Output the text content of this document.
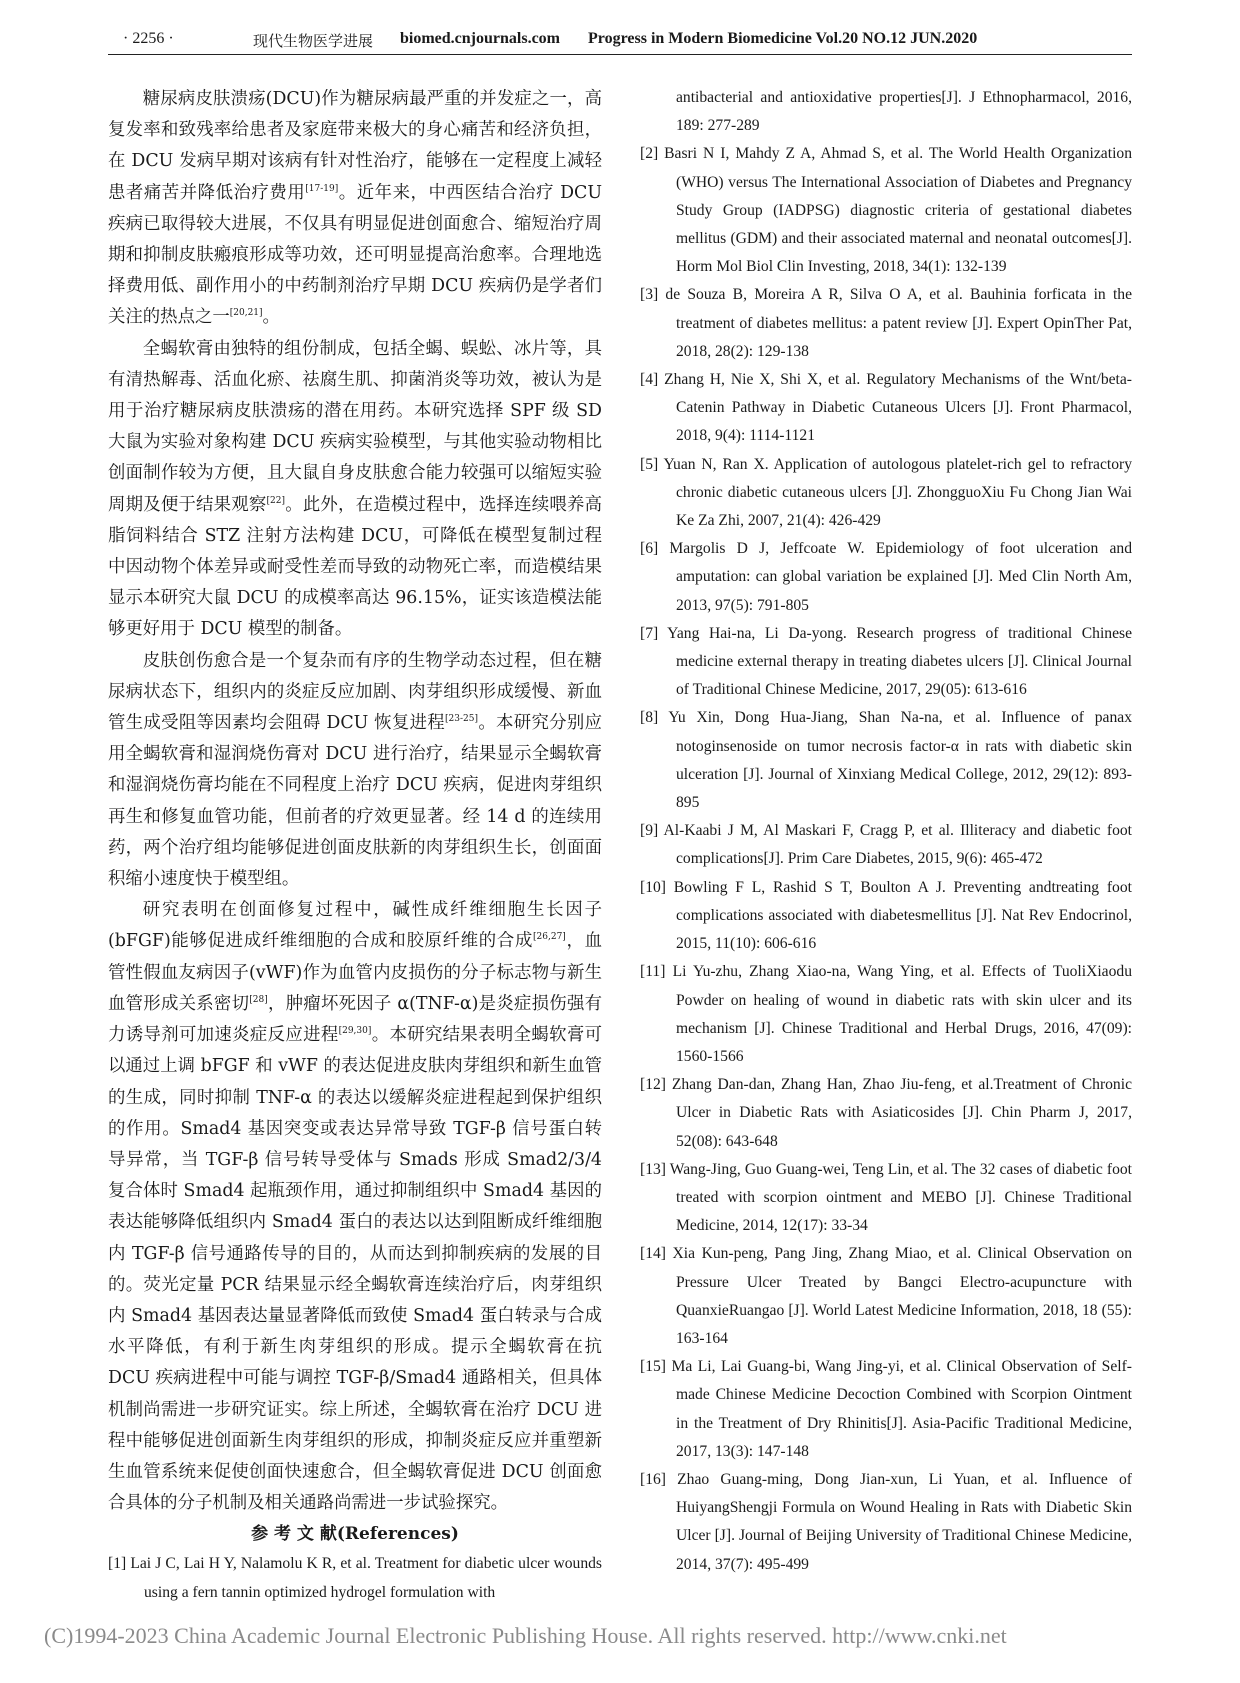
· 2256 ·	现代生物医学进展 biomed.cnjournals.com Progress in Modern Biomedicine Vol.20 NO.12 JUN.2020

糖尿病皮肤溃疡(DCU)作为糖尿病最严重的并发症之一，高复发率和致残率给患者及家庭带来极大的身心痛苦和经济负担，在 DCU 发病早期对该病有针对性治疗，能够在一定程度上减轻患者痛苦并降低治疗费用[17-19]。近年来，中西医结合治疗 DCU 疾病已取得较大进展，不仅具有明显促进创面愈合、缩短治疗周期和抑制皮肤瘢痕形成等功效，还可明显提高治愈率。合理地选择费用低、副作用小的中药制剂治疗早期 DCU 疾病仍是学者们关注的热点之一[20,21]。

全蝎软膏由独特的组份制成，包括全蝎、蜈蚣、冰片等，具有清热解毒、活血化瘀、祛腐生肌、抑菌消炎等功效，被认为是用于治疗糖尿病皮肤溃疡的潜在用药。本研究选择 SPF 级 SD 大鼠为实验对象构建 DCU 疾病实验模型，与其他实验动物相比创面制作较为方便，且大鼠自身皮肤愈合能力较强可以缩短实验周期及便于结果观察[22]。此外，在造模过程中，选择连续喂养高脂饲料结合 STZ 注射方法构建 DCU，可降低在模型复制过程中因动物个体差异或耐受性差而导致的动物死亡率，而造模结果显示本研究大鼠 DCU 的成模率高达 96.15%，证实该造模法能够更好用于 DCU 模型的制备。

皮肤创伤愈合是一个复杂而有序的生物学动态过程，但在糖尿病状态下，组织内的炎症反应加剧、肉芽组织形成缓慢、新血管生成受阻等因素均会阻碍 DCU 恢复进程[23-25]。本研究分别应用全蝎软膏和湿润烧伤膏对 DCU 进行治疗，结果显示全蝎软膏和湿润烧伤膏均能在不同程度上治疗 DCU 疾病，促进肉芽组织再生和修复血管功能，但前者的疗效更显著。经 14 d 的连续用药，两个治疗组均能够促进创面皮肤新的肉芽组织生长，创面面积缩小速度快于模型组。

研究表明在创面修复过程中，碱性成纤维细胞生长因子(bFGF)能够促进成纤维细胞的合成和胶原纤维的合成[26,27]，血管性假血友病因子(vWF)作为血管内皮损伤的分子标志物与新生血管形成关系密切[28]，肿瘤坏死因子 α(TNF-α)是炎症损伤强有力诱导剂可加速炎症反应进程[29,30]。本研究结果表明全蝎软膏可以通过上调 bFGF 和 vWF 的表达促进皮肤肉芽组织和新生血管的生成，同时抑制 TNF-α 的表达以缓解炎症进程起到保护组织的作用。Smad4 基因突变或表达异常导致 TGF-β 信号蛋白转导异常，当 TGF-β 信号转导受体与 Smads 形成 Smad2/3/4 复合体时 Smad4 起瓶颈作用，通过抑制组织中 Smad4 基因的表达能够降低组织内 Smad4 蛋白的表达以达到阻断成纤维细胞内 TGF-β 信号通路传导的目的，从而达到抑制疾病的发展的目的。荧光定量 PCR 结果显示经全蝎软膏连续治疗后，肉芽组织内 Smad4 基因表达量显著降低而致使 Smad4 蛋白转录与合成水平降低，有利于新生肉芽组织的形成。提示全蝎软膏在抗 DCU 疾病进程中可能与调控 TGF-β/Smad4 通路相关，但具体机制尚需进一步研究证实。综上所述，全蝎软膏在治疗 DCU 进程中能够促进创面新生肉芽组织的形成，抑制炎症反应并重塑新生血管系统来促使创面快速愈合，但全蝎软膏促进 DCU 创面愈合具体的分子机制及相关通路尚需进一步试验探究。

参 考 文 献(References)

[1] Lai J C, Lai H Y, Nalamolu K R, et al. Treatment for diabetic ulcer wounds using a fern tannin optimized hydrogel formulation with

antibacterial and antioxidative properties[J]. J Ethnopharmacol, 2016, 189: 277-289

[2] Basri N I, Mahdy Z A, Ahmad S, et al. The World Health Organization (WHO) versus The International Association of Diabetes and Pregnancy Study Group (IADPSG) diagnostic criteria of gestational diabetes mellitus (GDM) and their associated maternal and neonatal outcomes[J]. Horm Mol Biol Clin Investing, 2018, 34(1): 132-139

[3] de Souza B, Moreira A R, Silva O A, et al. Bauhinia forficata in the treatment of diabetes mellitus: a patent review [J]. Expert OpinTher Pat, 2018, 28(2): 129-138

[4] Zhang H, Nie X, Shi X, et al. Regulatory Mechanisms of the Wnt/beta-Catenin Pathway in Diabetic Cutaneous Ulcers [J]. Front Pharmacol, 2018, 9(4): 1114-1121

[5] Yuan N, Ran X. Application of autologous platelet-rich gel to refractory chronic diabetic cutaneous ulcers [J]. ZhongguoXiu Fu Chong Jian Wai Ke Za Zhi, 2007, 21(4): 426-429

[6] Margolis D J, Jeffcoate W. Epidemiology of foot ulceration and amputation: can global variation be explained [J]. Med Clin North Am, 2013, 97(5): 791-805

[7] Yang Hai-na, Li Da-yong. Research progress of traditional Chinese medicine external therapy in treating diabetes ulcers [J]. Clinical Journal of Traditional Chinese Medicine, 2017, 29(05): 613-616

[8] Yu Xin, Dong Hua-Jiang, Shan Na-na, et al. Influence of panax notoginsenoside on tumor necrosis factor-α in rats with diabetic skin ulceration [J]. Journal of Xinxiang Medical College, 2012, 29(12): 893-895

[9] Al-Kaabi J M, Al Maskari F, Cragg P, et al. Illiteracy and diabetic foot complications[J]. Prim Care Diabetes, 2015, 9(6): 465-472

[10] Bowling F L, Rashid S T, Boulton A J. Preventing andtreating foot complications associated with diabetesmellitus [J]. Nat Rev Endocrinol, 2015, 11(10): 606-616

[11] Li Yu-zhu, Zhang Xiao-na, Wang Ying, et al. Effects of TuoliXiaodu Powder on healing of wound in diabetic rats with skin ulcer and its mechanism [J]. Chinese Traditional and Herbal Drugs, 2016, 47(09): 1560-1566

[12] Zhang Dan-dan, Zhang Han, Zhao Jiu-feng, et al.Treatment of Chronic Ulcer in Diabetic Rats with Asiaticosides [J]. Chin Pharm J, 2017, 52(08): 643-648

[13] Wang-Jing, Guo Guang-wei, Teng Lin, et al. The 32 cases of diabetic foot treated with scorpion ointment and MEBO [J]. Chinese Traditional Medicine, 2014, 12(17): 33-34

[14] Xia Kun-peng, Pang Jing, Zhang Miao, et al. Clinical Observation on Pressure Ulcer Treated by Bangci Electro-acupuncture with QuanxieRuangao [J]. World Latest Medicine Information, 2018, 18 (55): 163-164

[15] Ma Li, Lai Guang-bi, Wang Jing-yi, et al. Clinical Observation of Self-made Chinese Medicine Decoction Combined with Scorpion Ointment in the Treatment of Dry Rhinitis[J]. Asia-Pacific Traditional Medicine, 2017, 13(3): 147-148

[16] Zhao Guang-ming, Dong Jian-xun, Li Yuan, et al. Influence of HuiyangShengji Formula on Wound Healing in Rats with Diabetic Skin Ulcer [J]. Journal of Beijing University of Traditional Chinese Medicine, 2014, 37(7): 495-499

(C)1994-2023 China Academic Journal Electronic Publishing House. All rights reserved. http://www.cnki.net
